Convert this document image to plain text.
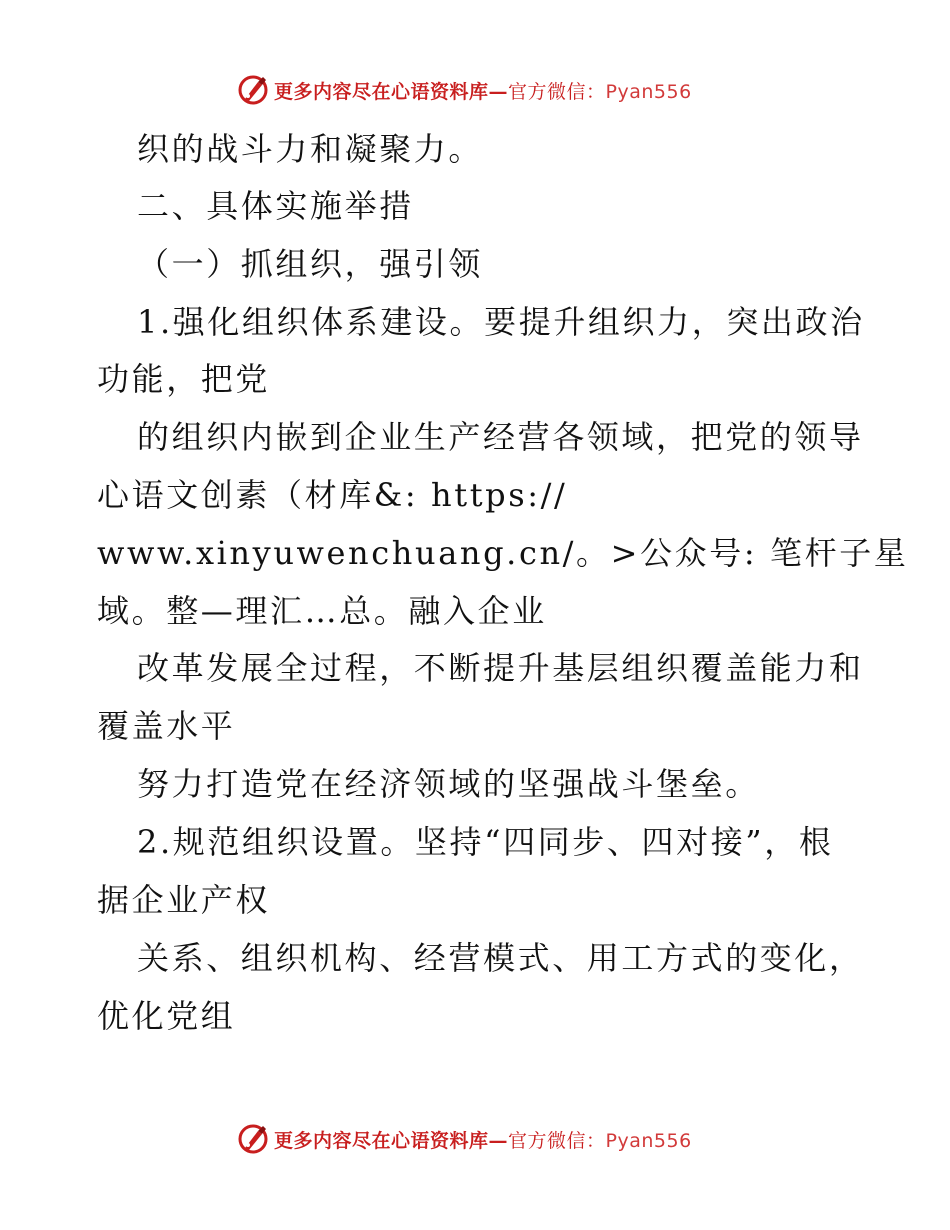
更多内容尽在心语资料库—官方微信：Pyan556
织的战斗力和凝聚力。
二、具体实施举措
（一）抓组织，强引领
1.强化组织体系建设。要提升组织力，突出政治
功能，把党
的组织内嵌到企业生产经营各领域，把党的领导
心语文创素（材库&: https://
www.xinyuwenchuang.cn/。>公众号: 笔杆子星
域。整—理汇…总。融入企业
改革发展全过程，不断提升基层组织覆盖能力和
覆盖水平
努力打造党在经济领域的坚强战斗堡垒。
2.规范组织设置。坚持“四同步、四对接”，根
据企业产权
关系、组织机构、经营模式、用工方式的变化，
优化党组
更多内容尽在心语资料库—官方微信：Pyan556
